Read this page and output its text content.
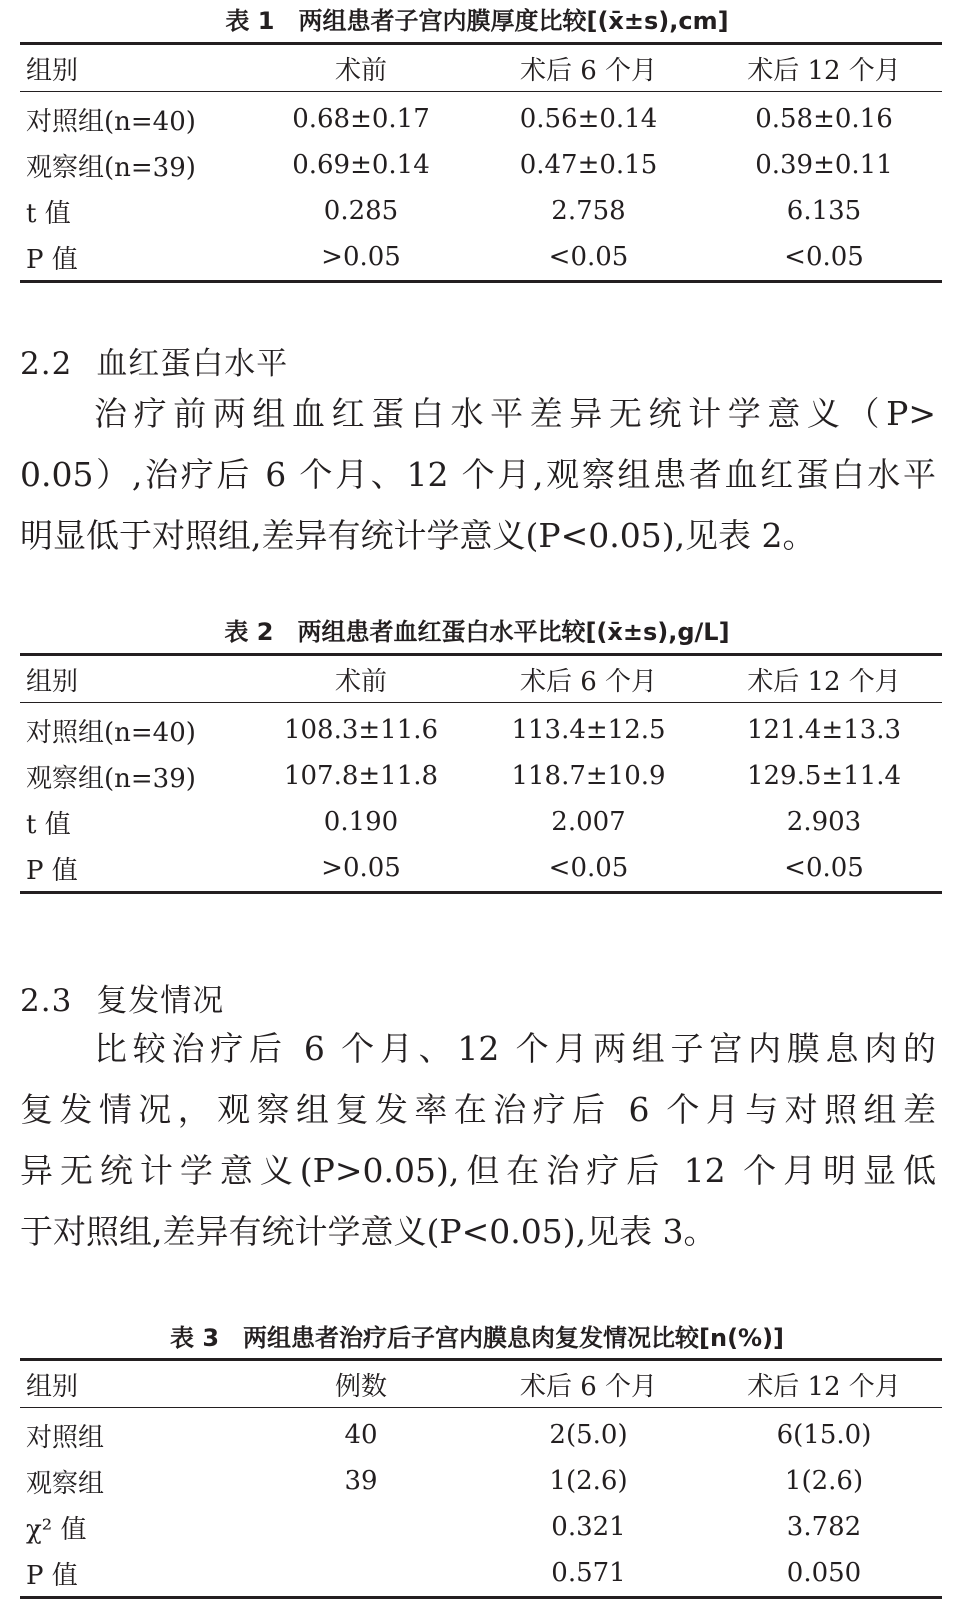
表 1　两组患者子宫内膜厚度比较[(x̄±s),cm]
组别	术前	术后 6 个月	术后 12 个月
对照组(n=40)	0.68±0.17	0.56±0.14	0.58±0.16
观察组(n=39)	0.69±0.14	0.47±0.15	0.39±0.11
t 值	0.285	2.758	6.135
P 值	>0.05	<0.05	<0.05
2.2 血红蛋白水平
治疗前两组血红蛋白水平差异无统计学意义（P>
0.05）,治疗后 6 个月、12 个月,观察组患者血红蛋白水平
明显低于对照组,差异有统计学意义(P<0.05),见表 2。
表 2　两组患者血红蛋白水平比较[(x̄±s),g/L]
组别	术前	术后 6 个月	术后 12 个月
对照组(n=40)	108.3±11.6	113.4±12.5	121.4±13.3
观察组(n=39)	107.8±11.8	118.7±10.9	129.5±11.4
t 值	0.190	2.007	2.903
P 值	>0.05	<0.05	<0.05
2.3 复发情况
比较治疗后 6 个月、12 个月两组子宫内膜息肉的
复发情况，观察组复发率在治疗后 6 个月与对照组差
异无统计学意义(P>0.05),但在治疗后 12 个月明显低
于对照组,差异有统计学意义(P<0.05),见表 3。
表 3　两组患者治疗后子宫内膜息肉复发情况比较[n(%)]
组别	例数	术后 6 个月	术后 12 个月
对照组	40	2(5.0)	6(15.0)
观察组	39	1(2.6)	1(2.6)
χ² 值		0.321	3.782
P 值		0.571	0.050
